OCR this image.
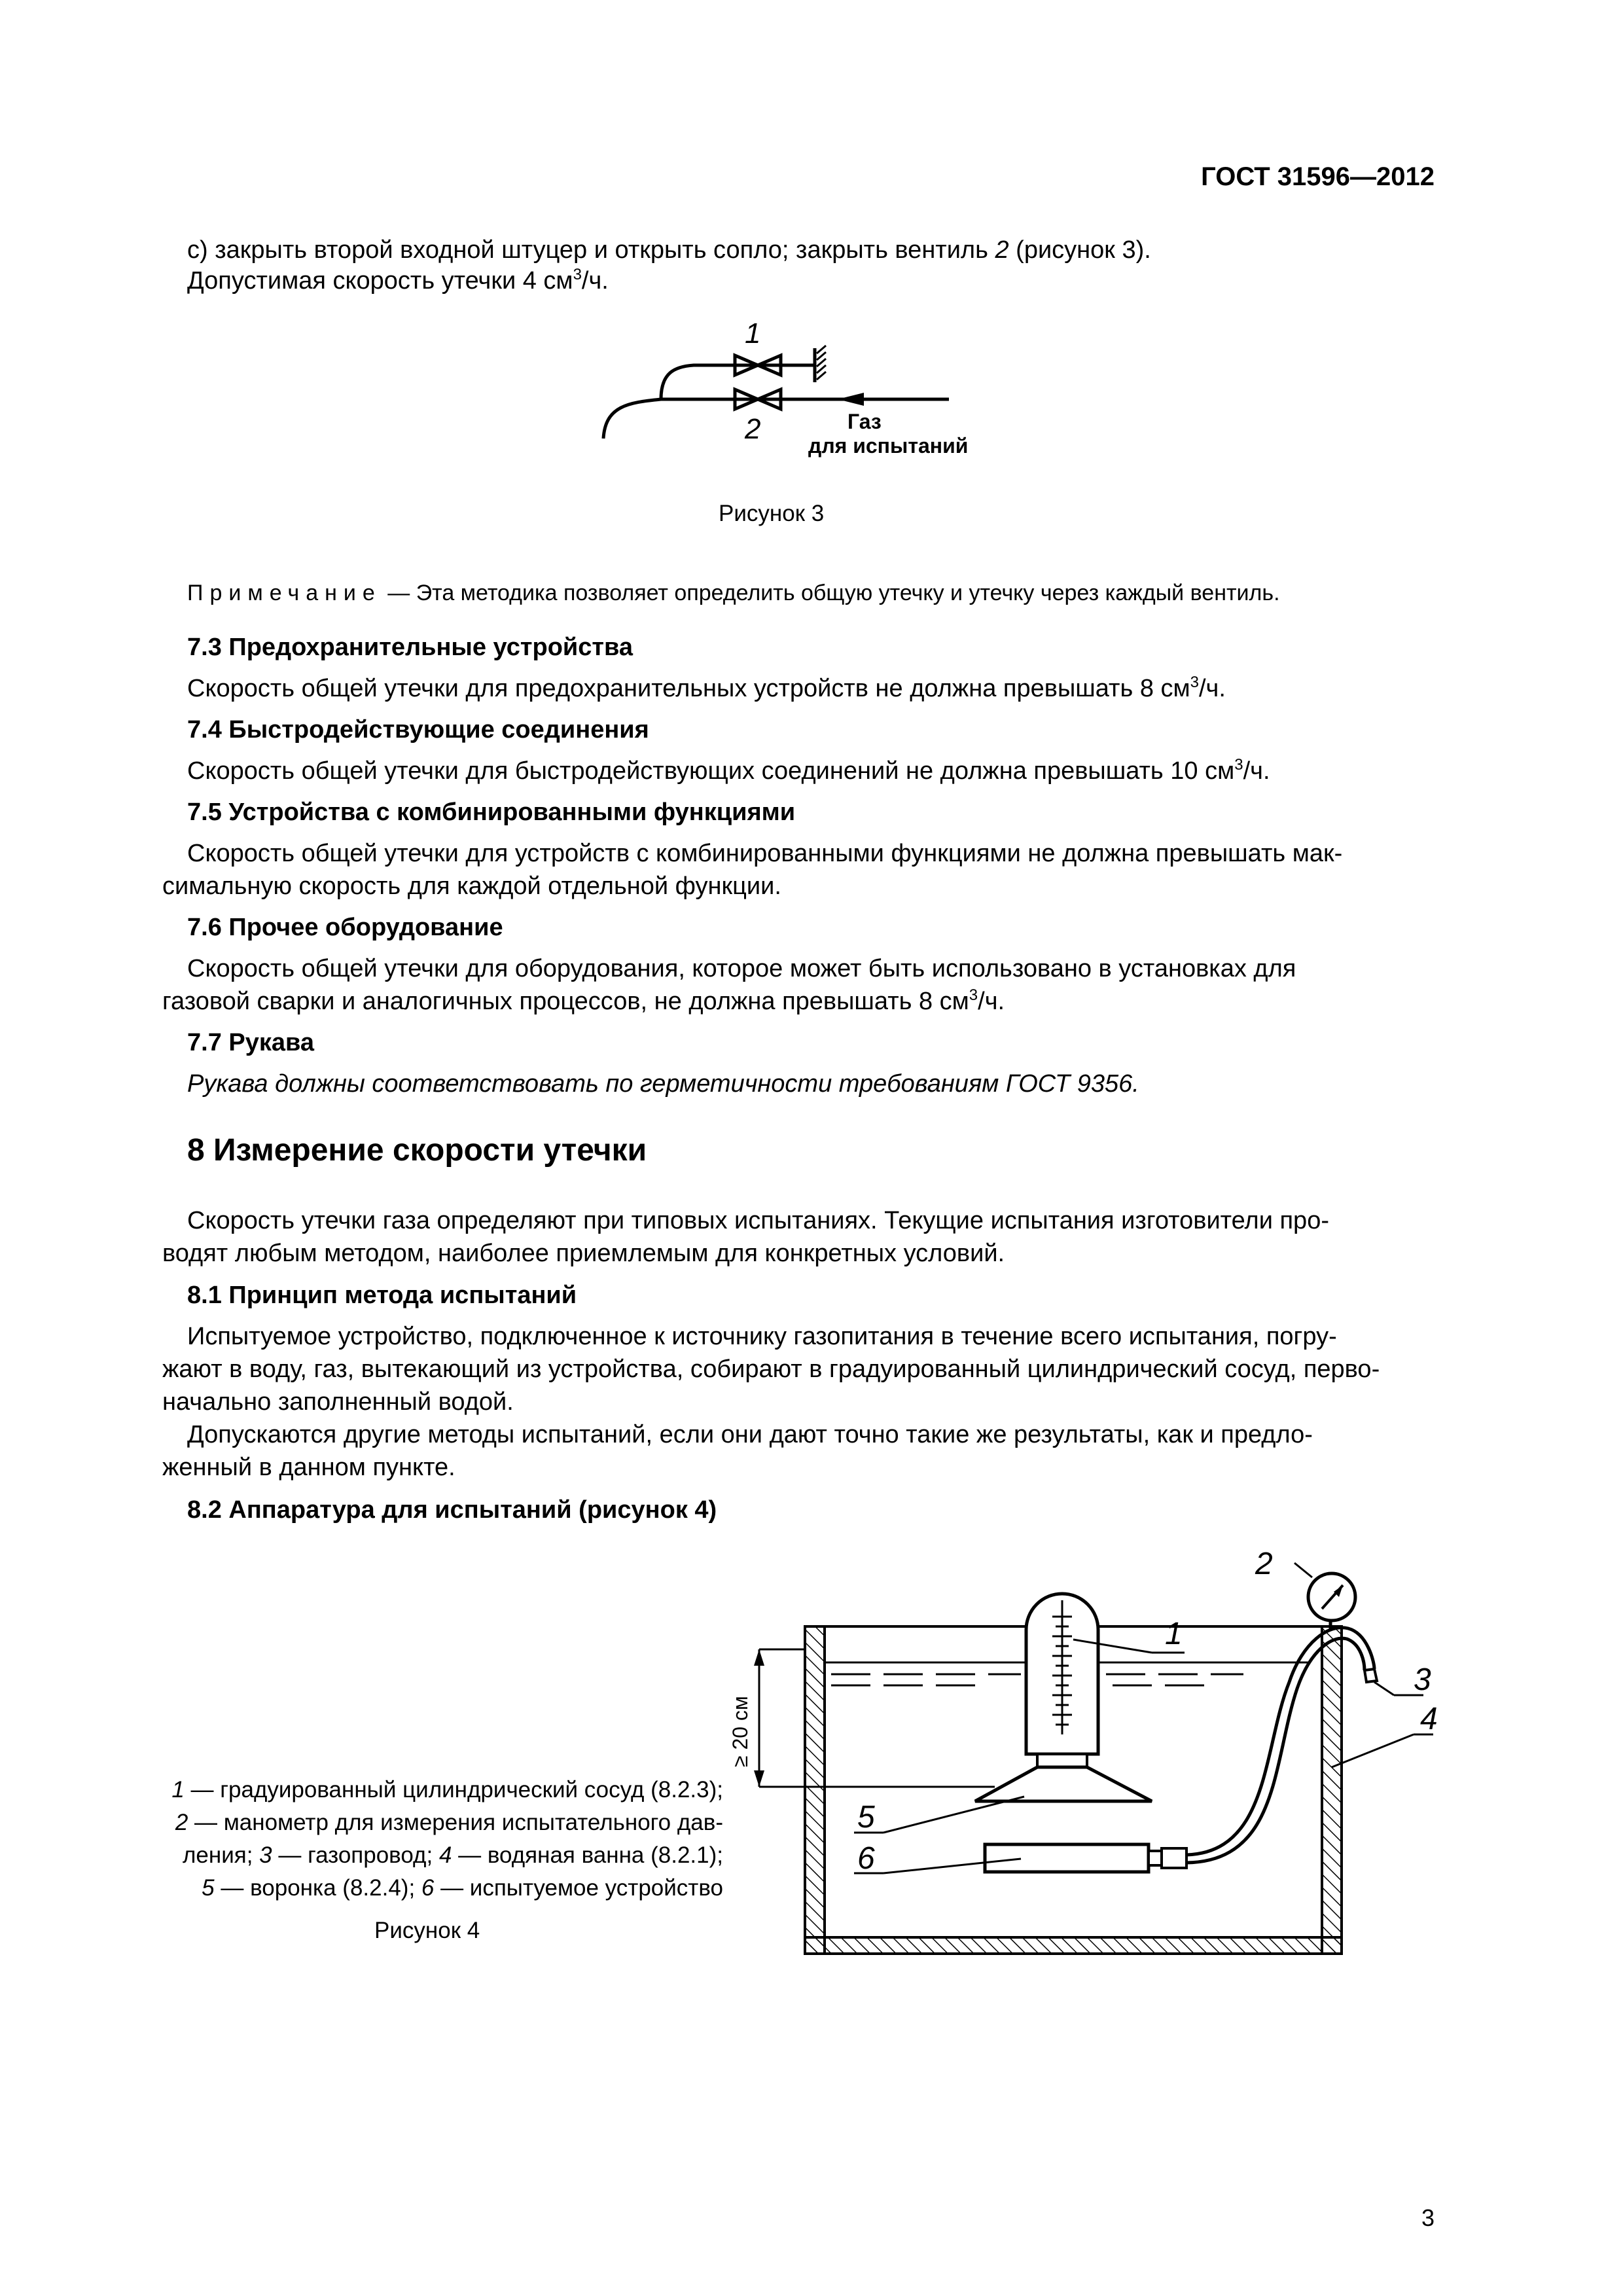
ГОСТ 31596—2012
c) закрыть второй входной штуцер и открыть сопло; закрыть вентиль 2 (рисунок 3).
Допустимая скорость утечки 4 $см^3/ч$.
1
2	Газ
для испытаний
Рисунок 3
Примечание — Эта методика позволяет определить общую утечку и утечку через каждый вентиль.
7.3 Предохранительные устройства
Скорость общей утечки для предохранительных устройств не должна превышать 8 $см^3/ч$.
7.4 Быстродействующие соединения
Скорость общей утечки для быстродействующих соединений не должна превышать 10 $см^3/ч$.
7.5 Устройства с комбинированными функциями
Скорость общей утечки для устройств с комбинированными функциями не должна превышать мак-
симальную скорость для каждой отдельной функции.
7.6 Прочее оборудование
Скорость общей утечки для оборудования, которое может быть использовано в установках для
газовой сварки и аналогичных процессов, не должна превышать 8 $см^3/ч$.
7.7 Рукава
Рукава должны соответствовать по герметичности требованиям ГОСТ 9356.
8 Измерение скорости утечки
Скорость утечки газа определяют при типовых испытаниях. Текущие испытания изготовители про-
водят любым методом, наиболее приемлемым для конкретных условий.
8.1 Принцип метода испытаний
Испытуемое устройство, подключенное к источнику газопитания в течение всего испытания, погру-
жают в воду, газ, вытекающий из устройства, собирают в градуированный цилиндрический сосуд, перво-
начально заполненный водой.
Допускаются другие методы испытаний, если они дают точно такие же результаты, как и предло-
женный в данном пункте.
8.2 Аппаратура для испытаний (рисунок 4)
≥ 20 см
1
2
3
4
5
6
1 — градуированный цилиндрический сосуд (8.2.3);
2 — манометр для измерения испытательного дав-
ления; 3 — газопровод; 4 — водяная ванна (8.2.1);
5 — воронка (8.2.4); 6 — испытуемое устройство
Рисунок 4
3
